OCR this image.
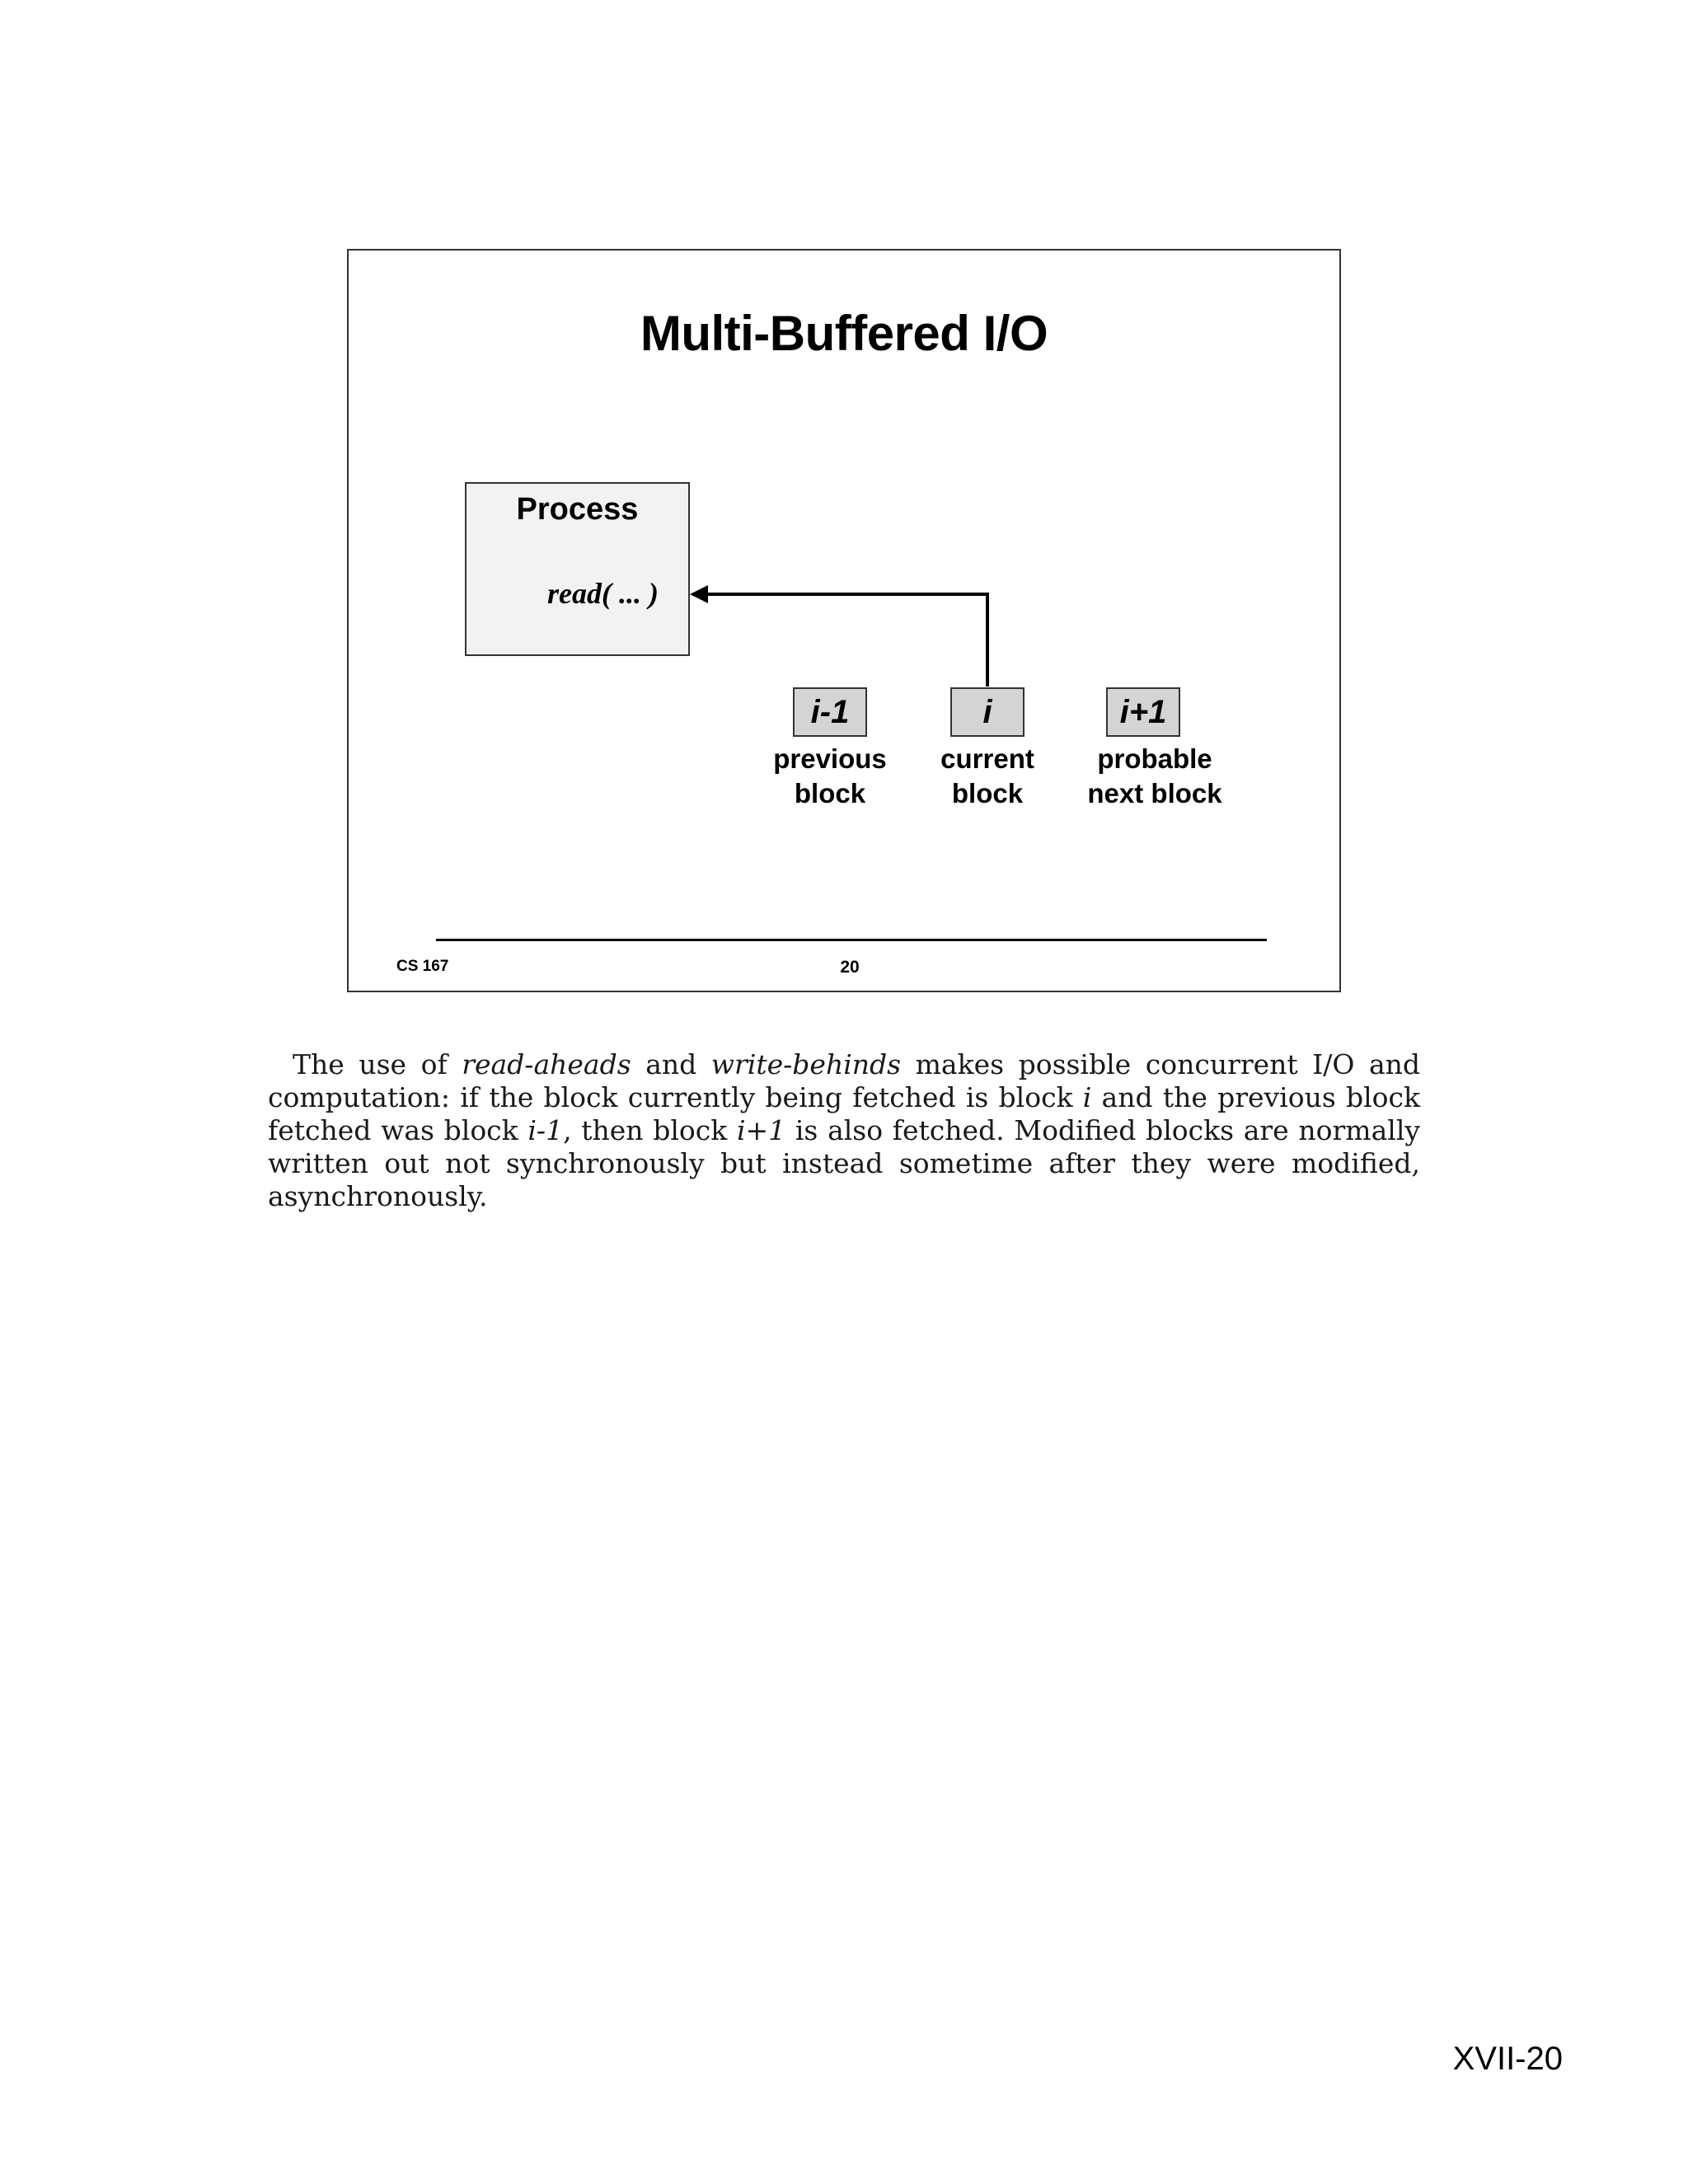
Multi-Buffered I/O
Process
read( ... )
i-1	i	i+1
previous
block
current
block
probable
next block
CS 167	20

The use of read-aheads and write-behinds makes possible concurrent I/O and computation: if the block currently being fetched is block i and the previous block fetched was block i-1, then block i+1 is also fetched. Modified blocks are normally written out not synchronously but instead sometime after they were modified, asynchronously.

XVII-20
